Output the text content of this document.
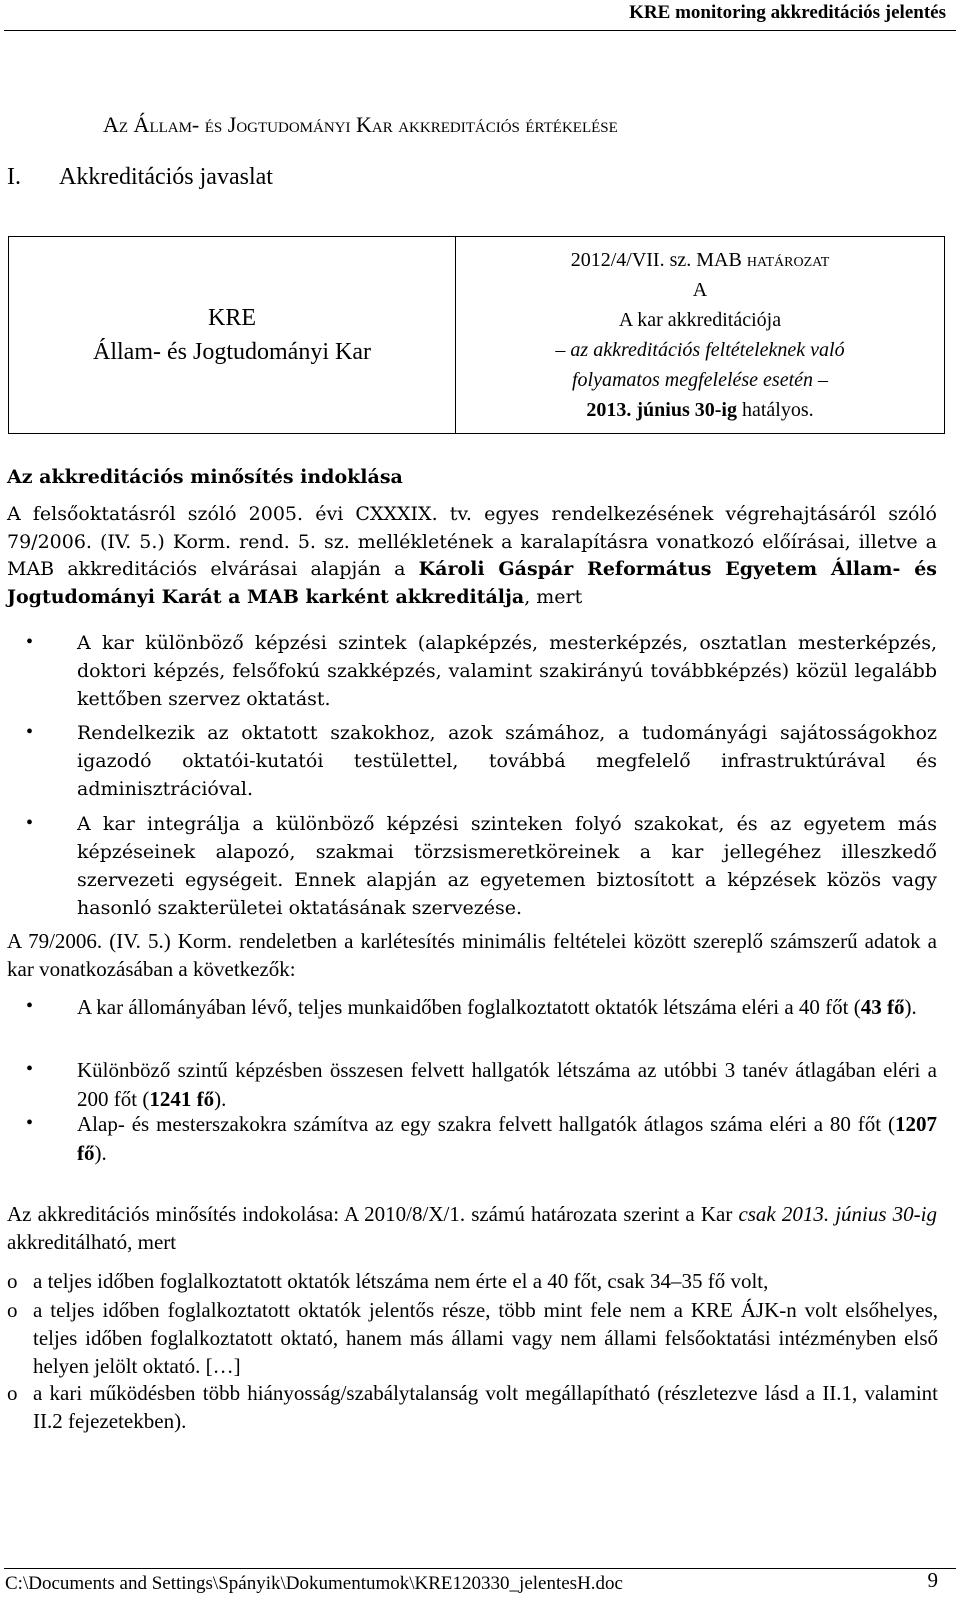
KRE monitoring akkreditációs jelentés
Az Állam- és Jogtudományi Kar akkreditációs értékelése
I. Akkreditációs javaslat
KRE
Állam- és Jogtudományi Kar

2012/4/VII. sz. MAB határozat
A
A kar akkreditációja
– az akkreditációs feltételeknek való
folyamatos megfelelése esetén –
2013. június 30-ig hatályos.
Az akkreditációs minősítés indoklása
A felsőoktatásról szóló 2005. évi CXXXIX. tv. egyes rendelkezésének végrehajtásáról szóló 79/2006. (IV. 5.) Korm. rend. 5. sz. mellékletének a karalapításra vonatkozó előírásai, illetve a MAB akkreditációs elvárásai alapján a Károli Gáspár Református Egyetem Állam- és Jogtudományi Karát a MAB karként akkreditálja, mert
• A kar különböző képzési szintek (alapképzés, mesterképzés, osztatlan mesterképzés, doktori képzés, felsőfokú szakképzés, valamint szakirányú továbbképzés) közül legalább kettőben szervez oktatást.
• Rendelkezik az oktatott szakokhoz, azok számához, a tudományági sajátosságokhoz igazodó oktatói-kutatói testülettel, továbbá megfelelő infrastruktúrával és adminisztrációval.
• A kar integrálja a különböző képzési szinteken folyó szakokat, és az egyetem más képzéseinek alapozó, szakmai törzsismeretköreinek a kar jellegéhez illeszkedő szervezeti egységeit. Ennek alapján az egyetemen biztosított a képzések közös vagy hasonló szakterületei oktatásának szervezése.
A 79/2006. (IV. 5.) Korm. rendeletben a karlétesítés minimális feltételei között szereplő számszerű adatok a kar vonatkozásában a következők:
• A kar állományában lévő, teljes munkaidőben foglalkoztatott oktatók létszáma eléri a 40 főt (43 fő).
• Különböző szintű képzésben összesen felvett hallgatók létszáma az utóbbi 3 tanév átlagában eléri a 200 főt (1241 fő).
• Alap- és mesterszakokra számítva az egy szakra felvett hallgatók átlagos száma eléri a 80 főt (1207 fő).
Az akkreditációs minősítés indokolása: A 2010/8/X/1. számú határozata szerint a Kar csak 2013. június 30-ig akkreditálható, mert
o a teljes időben foglalkoztatott oktatók létszáma nem érte el a 40 főt, csak 34–35 fő volt,
o a teljes időben foglalkoztatott oktatók jelentős része, több mint fele nem a KRE ÁJK-n volt elsőhelyes, teljes időben foglalkoztatott oktató, hanem más állami vagy nem állami felsőoktatási intézményben első helyen jelölt oktató. […]
o a kari működésben több hiányosság/szabálytalanság volt megállapítható (részletezve lásd a II.1, valamint II.2 fejezetekben).
C:\Documents and Settings\Spányik\Dokumentumok\KRE120330_jelentesH.doc	9
